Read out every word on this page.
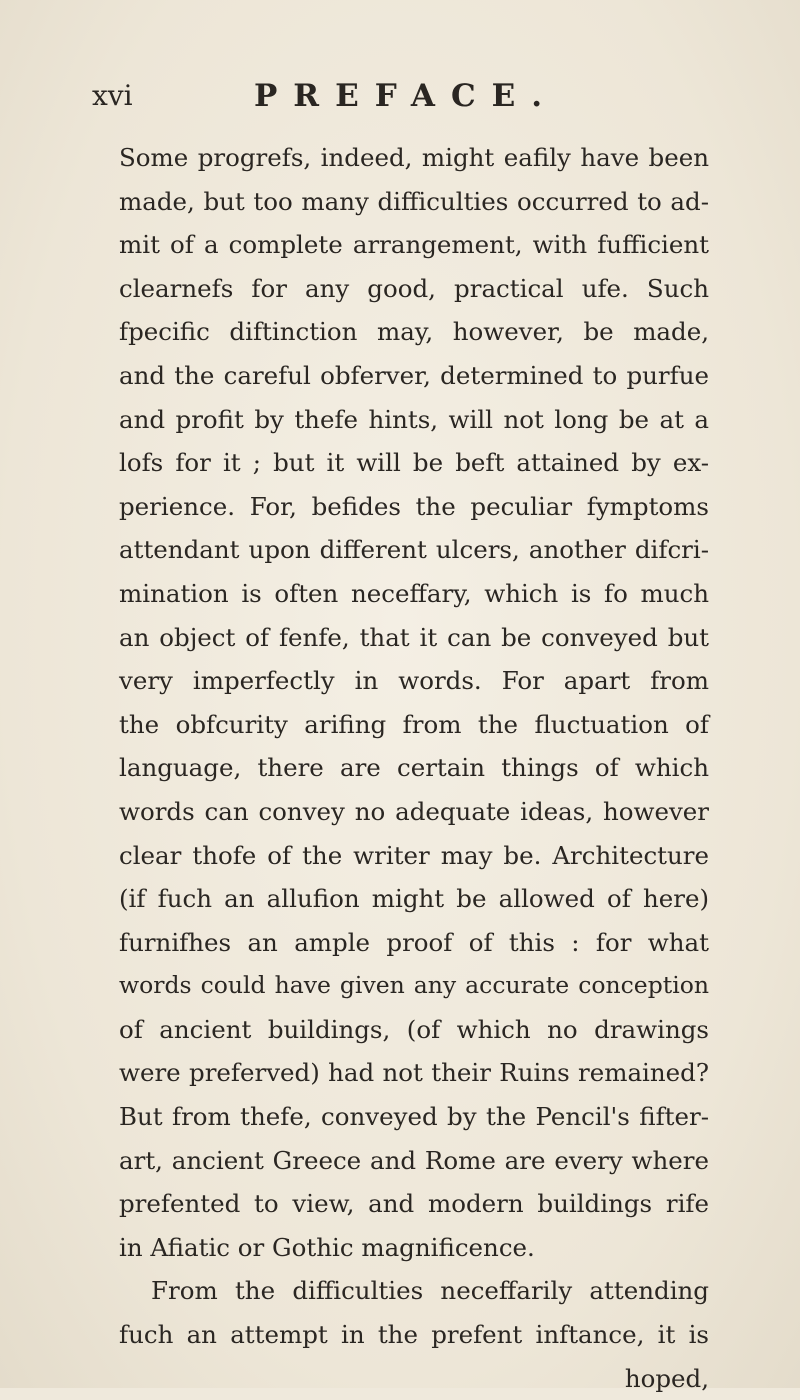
xvi	PREFACE.
Some progrefs, indeed, might eafily have been
made, but too many difficulties occurred to ad-
mit of a complete arrangement, with fufficient
clearnefs for any good, practical ufe. Such
fpecific diftinction may, however, be made,
and the careful obferver, determined to purfue
and profit by thefe hints, will not long be at a
lofs for it ; but it will be beft attained by ex-
perience. For, befides the peculiar fymptoms
attendant upon different ulcers, another difcri-
mination is often neceffary, which is fo much
an object of fenfe, that it can be conveyed but
very imperfectly in words. For apart from
the obfcurity arifing from the fluctuation of
language, there are certain things of which
words can convey no adequate ideas, however
clear thofe of the writer may be. Architecture
(if fuch an allufion might be allowed of here)
furnifhes an ample proof of this : for what
words could have given any accurate conception
of ancient buildings, (of which no drawings
were preferved) had not their Ruins remained?
But from thefe, conveyed by the Pencil's fifter-
art, ancient Greece and Rome are every where
prefented to view, and modern buildings rife
in Afiatic or Gothic magnificence.
From the difficulties neceffarily attending
fuch an attempt in the prefent inftance, it is
hoped,
